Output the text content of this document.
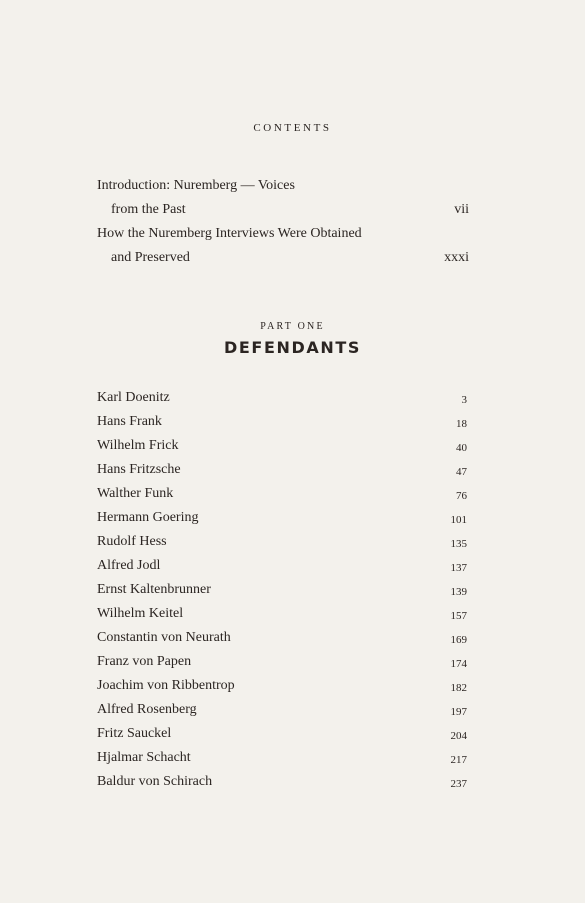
CONTENTS
Introduction: Nuremberg — Voices
from the Past	vii
How the Nuremberg Interviews Were Obtained
and Preserved	xxxi
PART ONE
DEFENDANTS
Karl Doenitz	3
Hans Frank	18
Wilhelm Frick	40
Hans Fritzsche	47
Walther Funk	76
Hermann Goering	101
Rudolf Hess	135
Alfred Jodl	137
Ernst Kaltenbrunner	139
Wilhelm Keitel	157
Constantin von Neurath	169
Franz von Papen	174
Joachim von Ribbentrop	182
Alfred Rosenberg	197
Fritz Sauckel	204
Hjalmar Schacht	217
Baldur von Schirach	237
